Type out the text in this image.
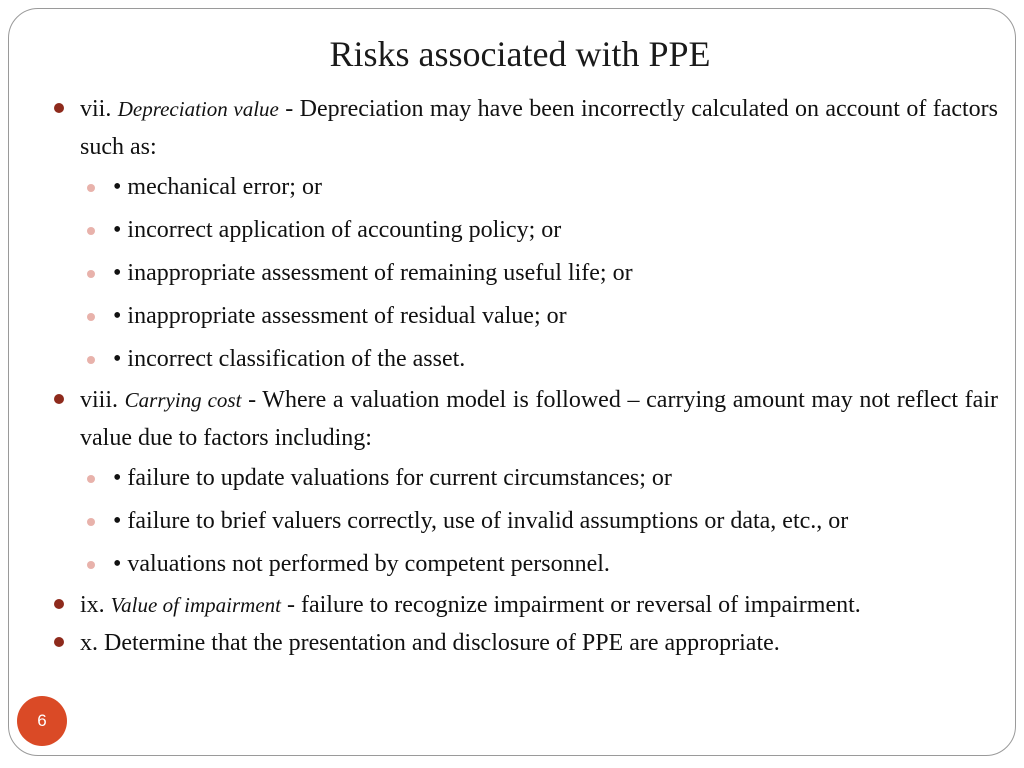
Risks associated with PPE
vii. Depreciation value - Depreciation may have been incorrectly calculated on account of factors such as:
• mechanical error; or
• incorrect application of accounting policy; or
• inappropriate assessment of remaining useful life; or
• inappropriate assessment of residual value; or
• incorrect classification of the asset.
viii. Carrying cost - Where a valuation model is followed – carrying amount may not reflect fair value due to factors including:
• failure to update valuations for current circumstances; or
• failure to brief valuers correctly, use of invalid assumptions or data, etc., or
• valuations not performed by competent personnel.
ix. Value of impairment - failure to recognize impairment or reversal of impairment.
x. Determine that the presentation and disclosure of PPE are appropriate.
6
